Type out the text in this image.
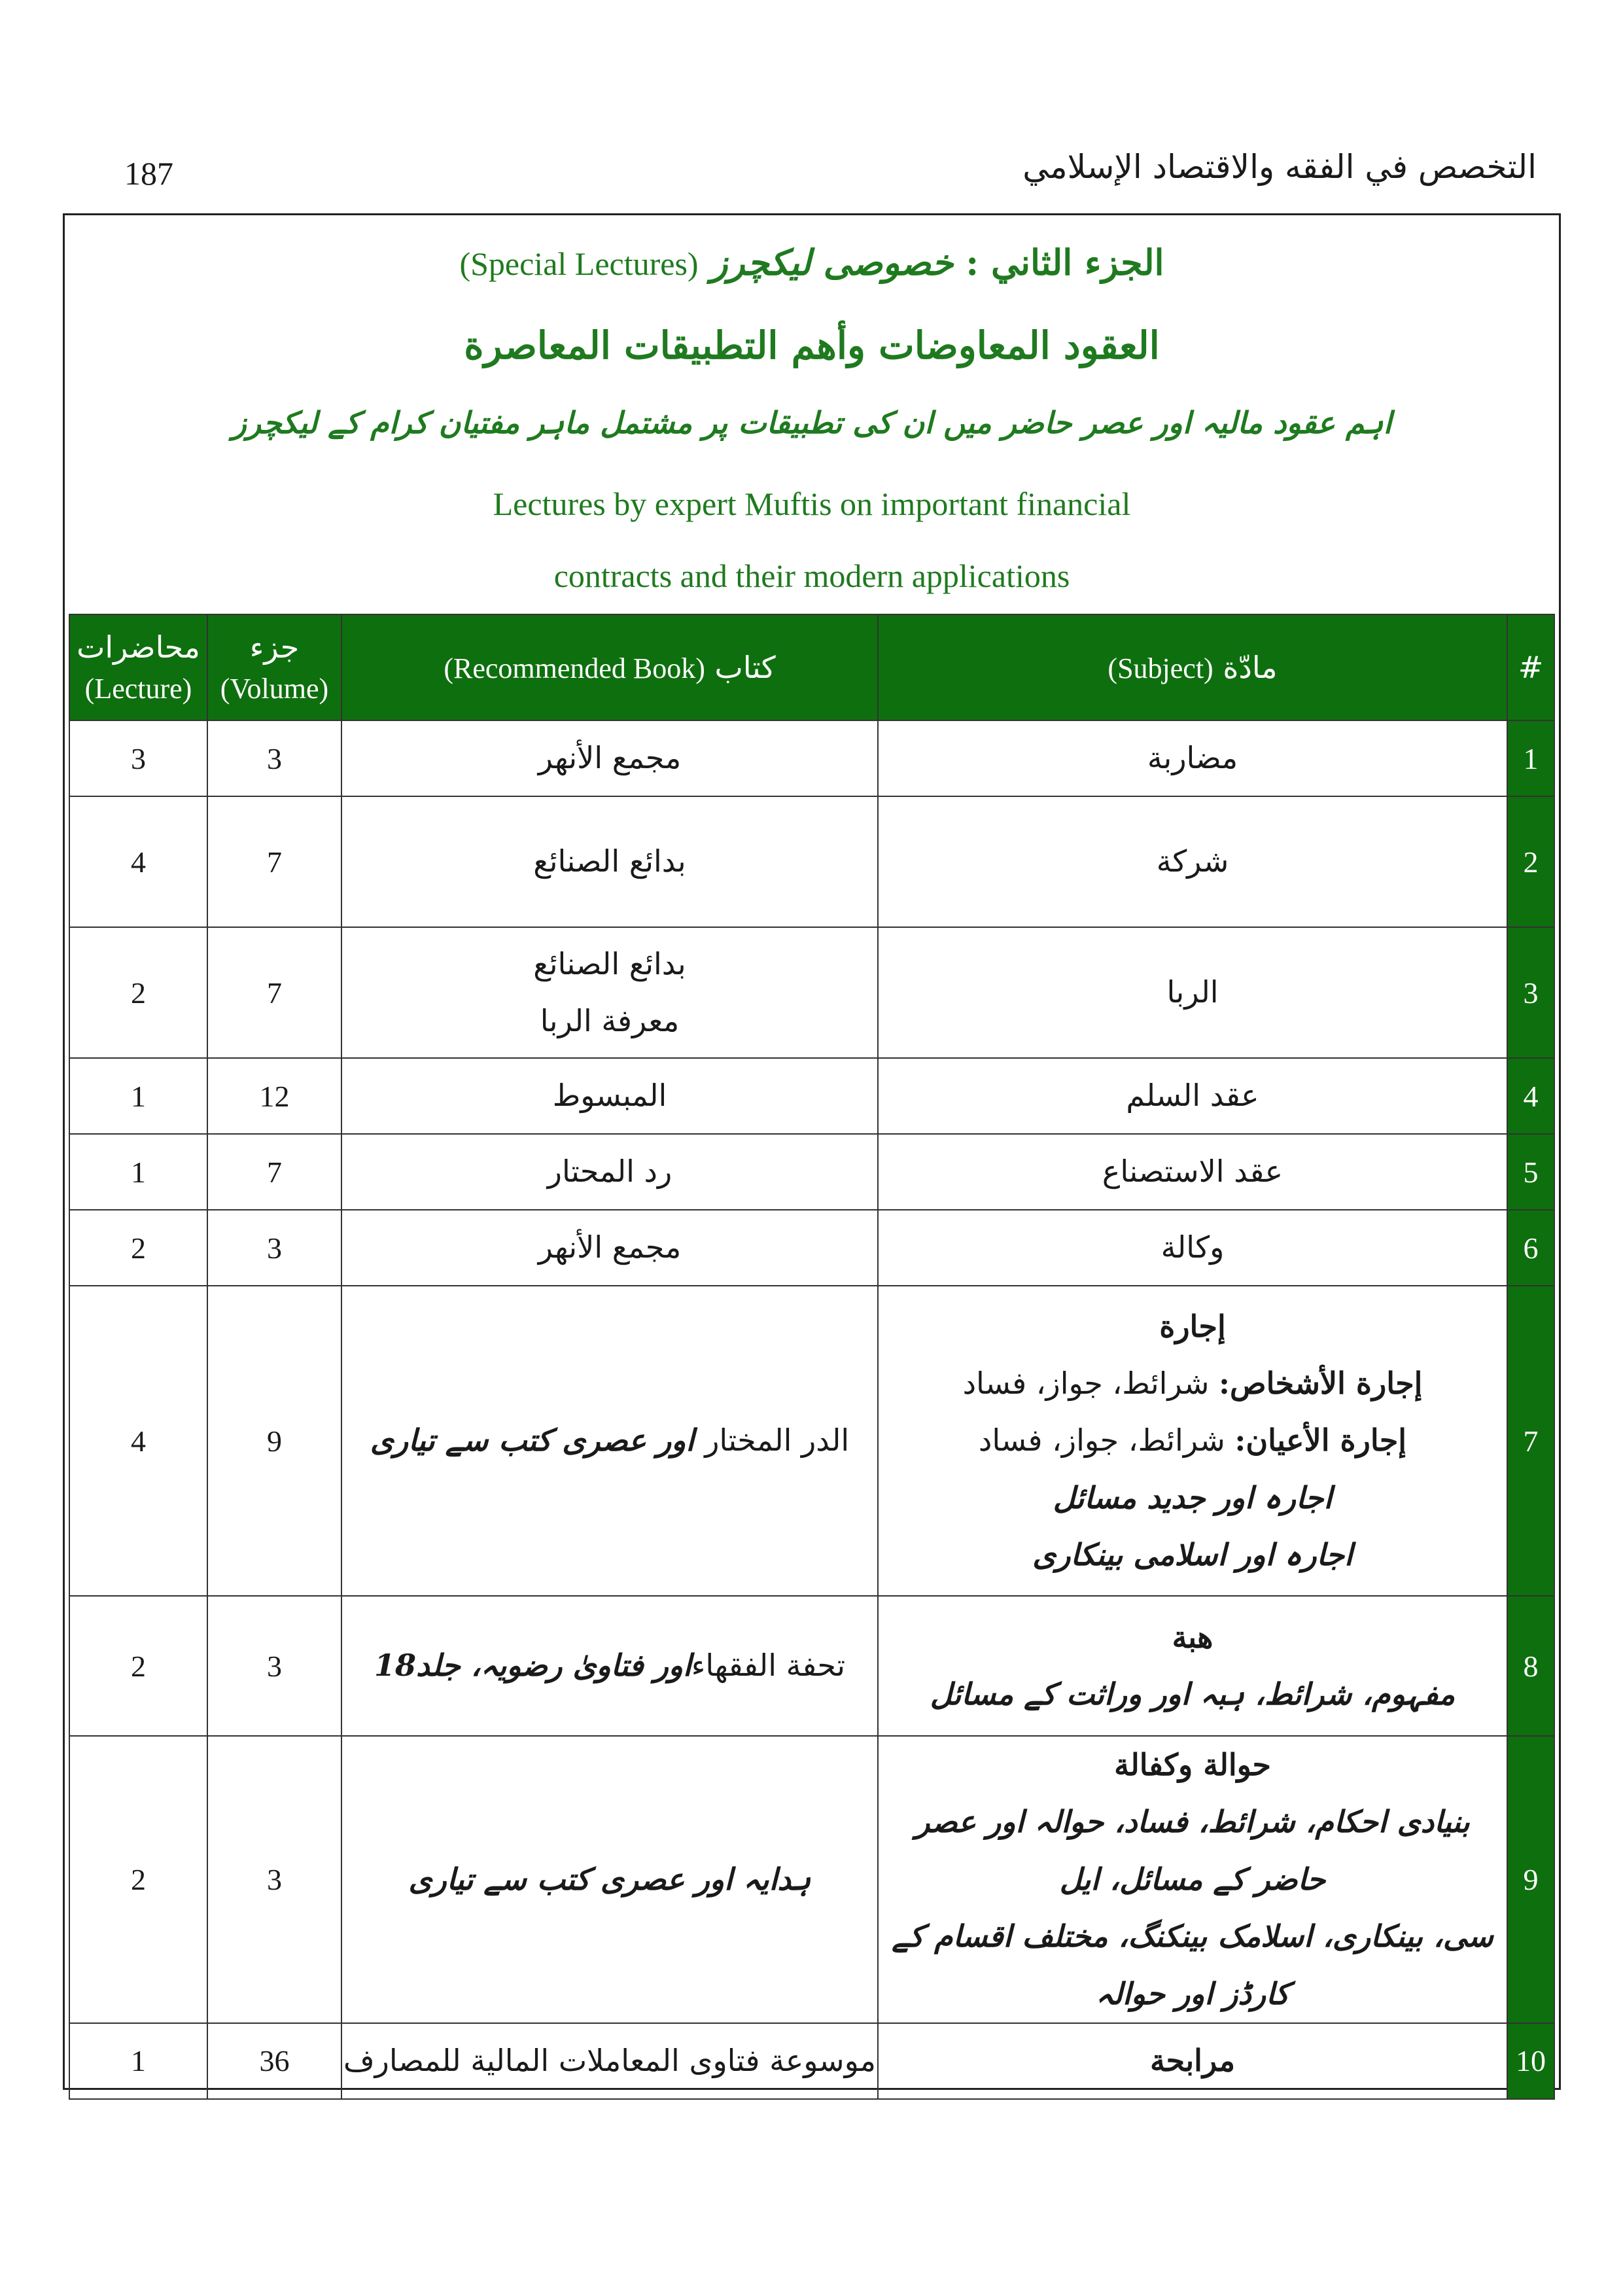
187	التخصص في الفقه والاقتصاد الإسلامي
الجزء الثاني : خصوصی لیکچرز (Special Lectures)
العقود المعاوضات وأهم التطبيقات المعاصرة
اہم عقود مالیہ اور عصر حاضر میں ان کی تطبیقات پر مشتمل ماہر مفتیان کرام کے لیکچرز
Lectures by expert Muftis on important financial
contracts and their modern applications
#	مادّة (Subject)	كتاب (Recommended Book)	جزء (Volume)	محاضرات (Lecture)
1	مضاربة	مجمع الأنهر	3	3
2	شركة	بدائع الصنائع	7	4
3	الربا	بدائع الصنائع
معرفة الربا	7	2
4	عقد السلم	المبسوط	12	1
5	عقد الاستصناع	رد المحتار	7	1
6	وكالة	مجمع الأنهر	3	2
7	إجارة
إجارة الأشخاص: شرائط، جواز، فساد
إجارة الأعيان: شرائط، جواز، فساد
اجارہ اور جدید مسائل
اجارہ اور اسلامی بینکاری	الدر المختار اور عصری کتب سے تیاری	9	4
8	هبة
مفہوم، شرائط، ہبہ اور وراثت کے مسائل	تحفة الفقهاءاور فتاویٰ رضویہ، جلد18	3	2
9	حوالة وكفالة
بنیادی احکام، شرائط، فساد، حوالہ اور عصر حاضر کے مسائل، ایل
سی، بینکاری، اسلامک بینکنگ، مختلف اقسام کے کارڈز اور حوالہ	ہدایہ اور عصری کتب سے تیاری	3	2
10	مرابحة	موسوعة فتاوى المعاملات المالية للمصارف	36	1
